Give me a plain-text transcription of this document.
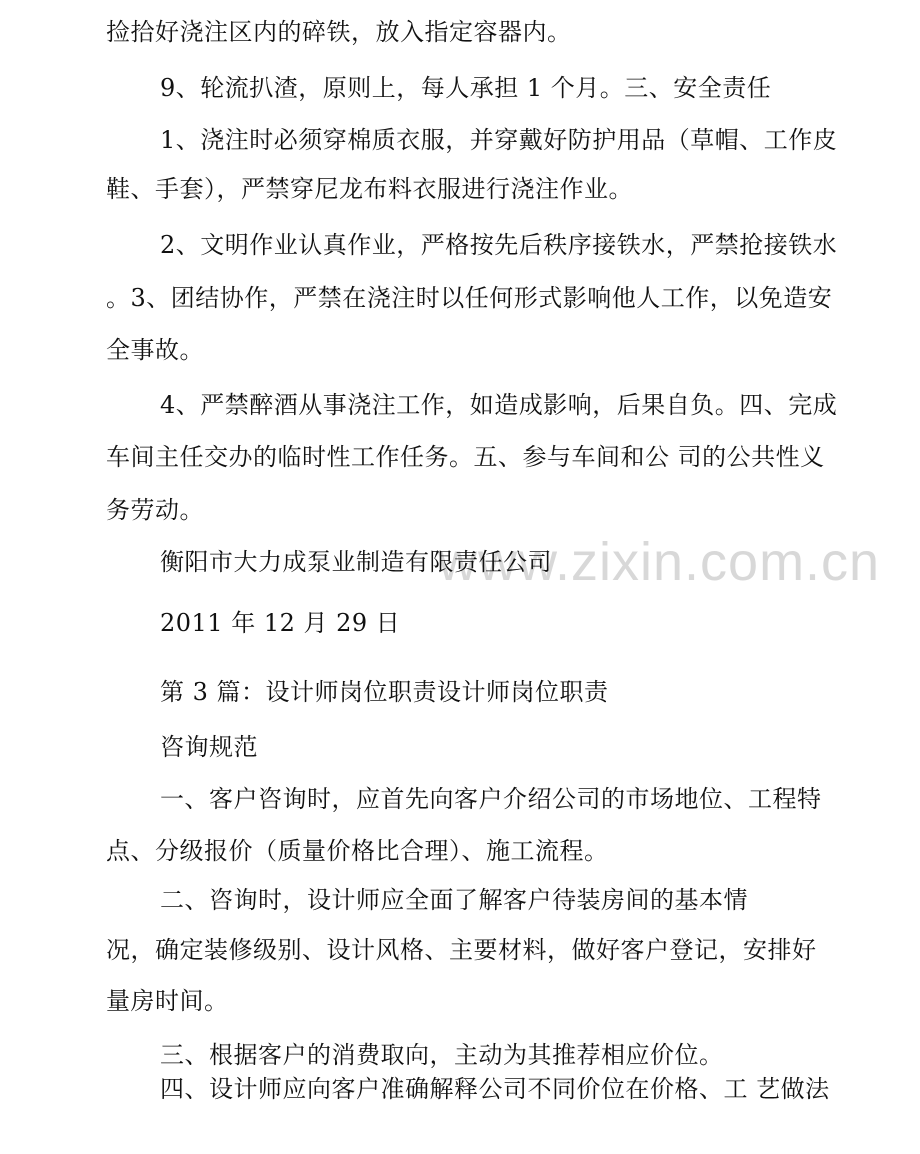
www.zixin.com.cn
捡拾好浇注区内的碎铁，放入指定容器内。
9、轮流扒渣，原则上，每人承担 1 个月。三、安全责任
1、浇注时必须穿棉质衣服，并穿戴好防护用品（草帽、工作皮
鞋、手套），严禁穿尼龙布料衣服进行浇注作业。
2、文明作业认真作业，严格按先后秩序接铁水，严禁抢接铁水
。3、团结协作，严禁在浇注时以任何形式影响他人工作，以免造安
全事故。
4、严禁醉酒从事浇注工作，如造成影响，后果自负。四、完成
车间主任交办的临时性工作任务。五、参与车间和公 司的公共性义
务劳动。
衡阳市大力成泵业制造有限责任公司
2011 年 12 月 29 日
第 3 篇：设计师岗位职责设计师岗位职责
咨询规范
一、客户咨询时，应首先向客户介绍公司的市场地位、工程特
点、分级报价（质量价格比合理）、施工流程。
二、咨询时，设计师应全面了解客户待装房间的基本情
况，确定装修级别、设计风格、主要材料，做好客户登记，安排好
量房时间。
三、根据客户的消费取向，主动为其推荐相应价位。
四、设计师应向客户准确解释公司不同价位在价格、工 艺做法
